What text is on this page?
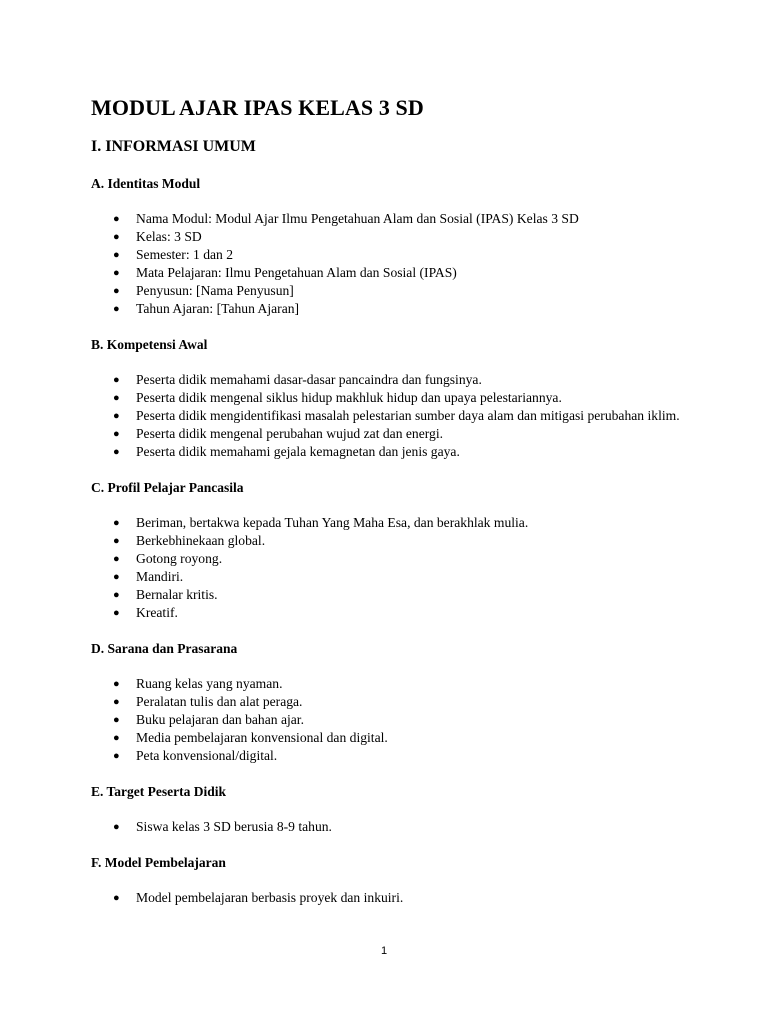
MODUL AJAR IPAS KELAS 3 SD
I. INFORMASI UMUM
A. Identitas Modul
● Nama Modul: Modul Ajar Ilmu Pengetahuan Alam dan Sosial (IPAS) Kelas 3 SD
● Kelas: 3 SD
● Semester: 1 dan 2
● Mata Pelajaran: Ilmu Pengetahuan Alam dan Sosial (IPAS)
● Penyusun: [Nama Penyusun]
● Tahun Ajaran: [Tahun Ajaran]
B. Kompetensi Awal
● Peserta didik memahami dasar-dasar pancaindra dan fungsinya.
● Peserta didik mengenal siklus hidup makhluk hidup dan upaya pelestariannya.
● Peserta didik mengidentifikasi masalah pelestarian sumber daya alam dan mitigasi perubahan iklim.
● Peserta didik mengenal perubahan wujud zat dan energi.
● Peserta didik memahami gejala kemagnetan dan jenis gaya.
C. Profil Pelajar Pancasila
● Beriman, bertakwa kepada Tuhan Yang Maha Esa, dan berakhlak mulia.
● Berkebhinekaan global.
● Gotong royong.
● Mandiri.
● Bernalar kritis.
● Kreatif.
D. Sarana dan Prasarana
● Ruang kelas yang nyaman.
● Peralatan tulis dan alat peraga.
● Buku pelajaran dan bahan ajar.
● Media pembelajaran konvensional dan digital.
● Peta konvensional/digital.
E. Target Peserta Didik
● Siswa kelas 3 SD berusia 8-9 tahun.
F. Model Pembelajaran
● Model pembelajaran berbasis proyek dan inkuiri.
1
